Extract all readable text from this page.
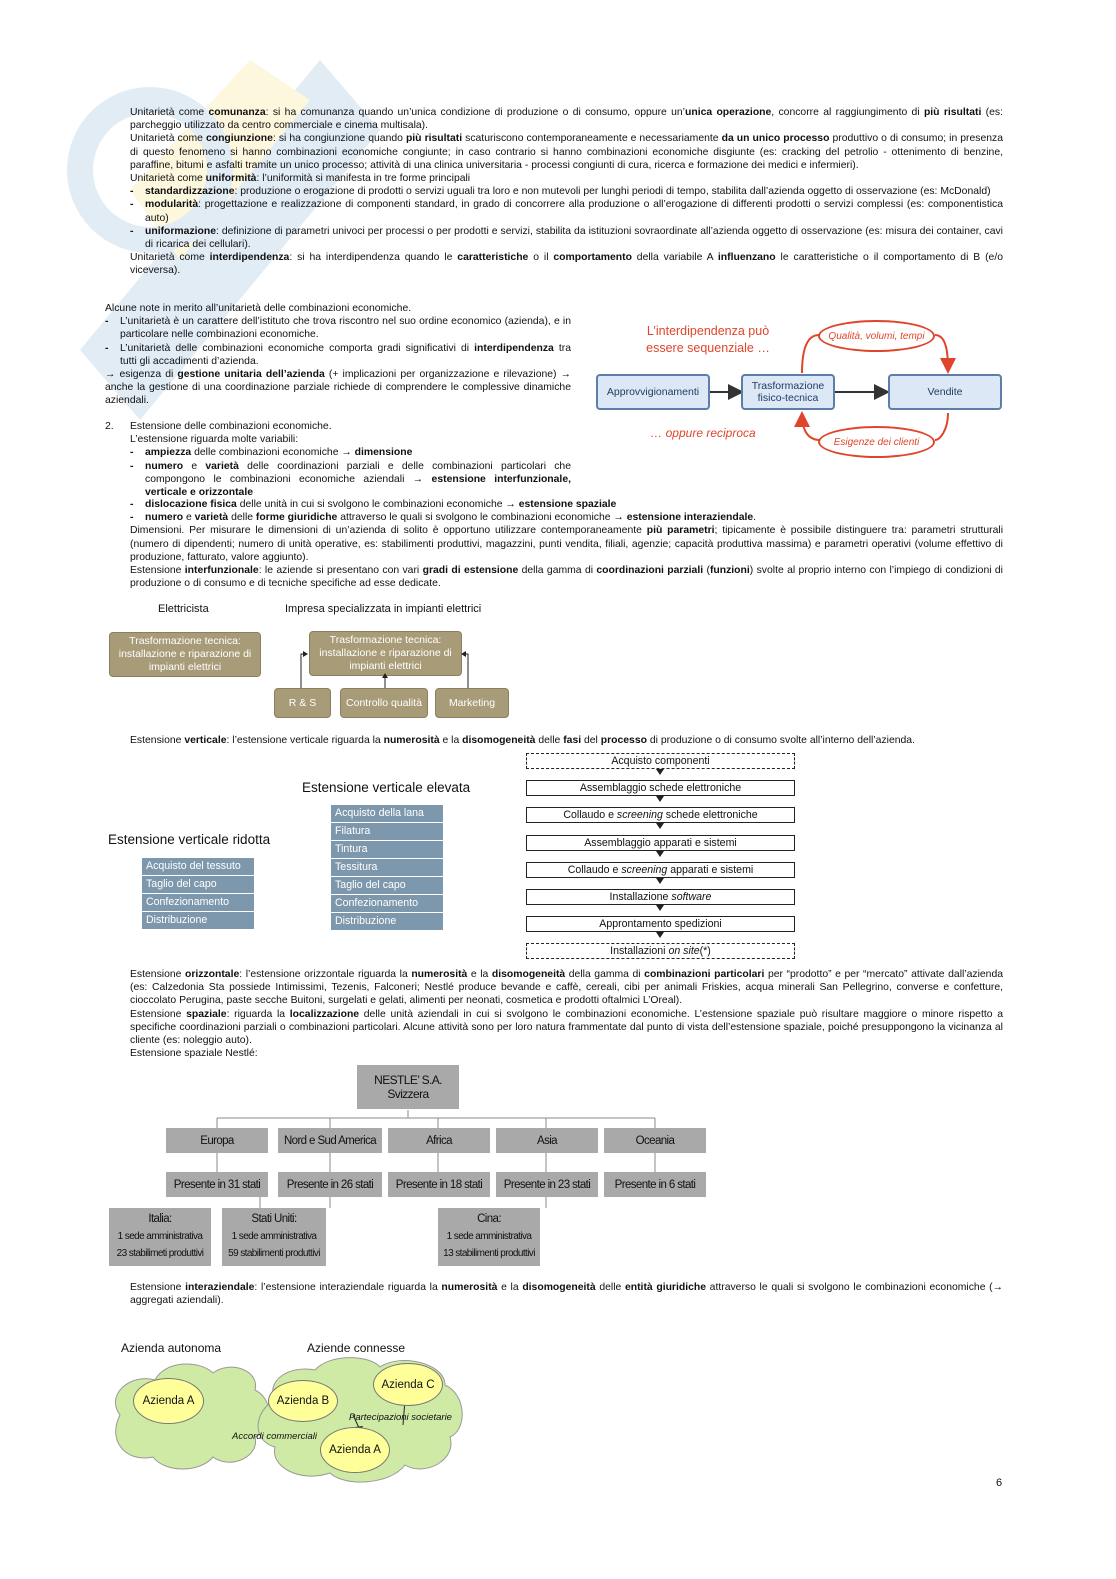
Unitarietà come comunanza: si ha comunanza quando un’unica condizione di produzione o di consumo, oppure un’unica operazione, concorre al raggiungimento di più risultati (es: parcheggio utilizzato da centro commerciale e cinema multisala).

Unitarietà come congiunzione: si ha congiunzione quando più risultati scaturiscono contemporaneamente e necessariamente da un unico processo produttivo o di consumo; in presenza di questo fenomeno si hanno combinazioni economiche congiunte; in caso contrario si hanno combinazioni economiche disgiunte (es: cracking del petrolio - ottenimento di benzine, paraffine, bitumi e asfalti tramite un unico processo; attività di una clinica universitaria - processi congiunti di cura, ricerca e formazione dei medici e infermieri).

Unitarietà come uniformità: l’uniformità si manifesta in tre forme principali

- standardizzazione: produzione o erogazione di prodotti o servizi uguali tra loro e non mutevoli per lunghi periodi di tempo, stabilita dall’azienda oggetto di osservazione (es: McDonald)
- modularità: progettazione e realizzazione di componenti standard, in grado di concorrere alla produzione o all’erogazione di differenti prodotti o servizi complessi (es: componentistica auto)
- uniformazione: definizione di parametri univoci per processi o per prodotti e servizi, stabilita da istituzioni sovraordinate all’azienda oggetto di osservazione (es: misura dei container, cavi di ricarica dei cellulari).

Unitarietà come interdipendenza: si ha interdipendenza quando le caratteristiche o il comportamento della variabile A influenzano le caratteristiche o il comportamento di B (e/o viceversa).

Alcune note in merito all’unitarietà delle combinazioni economiche.

- L’unitarietà è un carattere dell’istituto che trova riscontro nel suo ordine economico (azienda), e in particolare nelle combinazioni economiche.
- L’unitarietà delle combinazioni economiche comporta gradi significativi di interdipendenza tra tutti gli accadimenti d’azienda.

→ esigenza di gestione unitaria dell’azienda (+ implicazioni per organizzazione e rilevazione) → anche la gestione di una coordinazione parziale richiede di comprendere le complessive dinamiche aziendali.

L’interdipendenza può essere sequenziale …
… oppure reciproca
Approvvigionamenti	Trasformazione fisico-tecnica	Vendite
Qualità, volumi, tempi
Esigenze dei clienti

2. Estensione delle combinazioni economiche.

L’estensione riguarda molte variabili:

- ampiezza delle combinazioni economiche → dimensione
- numero e varietà delle coordinazioni parziali e delle combinazioni particolari che compongono le combinazioni economiche aziendali → estensione interfunzionale, verticale e orizzontale
- dislocazione fisica delle unità in cui si svolgono le combinazioni economiche → estensione spaziale
- numero e varietà delle forme giuridiche attraverso le quali si svolgono le combinazioni economiche → estensione interaziendale.

Dimensioni. Per misurare le dimensioni di un’azienda di solito è opportuno utilizzare contemporaneamente più parametri; tipicamente è possibile distinguere tra: parametri strutturali (numero di dipendenti; numero di unità operative, es: stabilimenti produttivi, magazzini, punti vendita, filiali, agenzie; capacità produttiva massima) e parametri operativi (volume effettivo di produzione, fatturato, valore aggiunto).

Estensione interfunzionale: le aziende si presentano con vari gradi di estensione della gamma di coordinazioni parziali (funzioni) svolte al proprio interno con l’impiego di condizioni di produzione o di consumo e di tecniche specifiche ad esse dedicate.

Elettricista	Impresa specializzata in impianti elettrici
Trasformazione tecnica: installazione e riparazione di impianti elettrici
Trasformazione tecnica: installazione e riparazione di impianti elettrici
R & S	Controllo qualità	Marketing

Estensione verticale: l’estensione verticale riguarda la numerosità e la disomogeneità delle fasi del processo di produzione o di consumo svolte all’interno dell’azienda.

Estensione verticale elevata
Estensione verticale ridotta
Acquisto del tessuto
Taglio del capo
Confezionamento
Distribuzione
Acquisto della lana
Filatura
Tintura
Tessitura
Taglio del capo
Confezionamento
Distribuzione
Acquisto componenti
Assemblaggio schede elettroniche
Collaudo e screening schede elettroniche
Assemblaggio apparati e sistemi
Collaudo e screening apparati e sistemi
Installazione software
Approntamento spedizioni
Installazioni on site(*)

Estensione orizzontale: l’estensione orizzontale riguarda la numerosità e la disomogeneità della gamma di combinazioni particolari per “prodotto” e per “mercato” attivate dall’azienda (es: Calzedonia Sta possiede Intimissimi, Tezenis, Falconeri; Nestlé produce bevande e caffè, cereali, cibi per animali Friskies, acqua minerali San Pellegrino, converse e confetture, cioccolato Perugina, paste secche Buitoni, surgelati e gelati, alimenti per neonati, cosmetica e prodotti oftalmici L’Oreal).

Estensione spaziale: riguarda la localizzazione delle unità aziendali in cui si svolgono le combinazioni economiche. L’estensione spaziale può risultare maggiore o minore rispetto a specifiche coordinazioni parziali o combinazioni particolari. Alcune attività sono per loro natura frammentate dal punto di vista dell’estensione spaziale, poiché presuppongono la vicinanza al cliente (es: noleggio auto).

Estensione spaziale Nestlé:

NESTLE’ S.A.
Svizzera
Europa	Nord e Sud America	Africa	Asia	Oceania
Presente in 31 stati	Presente in 26 stati	Presente in 18 stati	Presente in 23 stati	Presente in 6 stati
Italia:
1 sede amministrativa
23 stabilimeti produttivi
Stati Uniti:
1 sede amministrativa
59 stabilimenti produttivi
Cina:
1 sede amministrativa
13 stabilimenti produttivi

Estensione interaziendale: l’estensione interaziendale riguarda la numerosità e la disomogeneità delle entità giuridiche attraverso le quali si svolgono le combinazioni economiche (→ aggregati aziendali).

Azienda autonoma	Aziende connesse
Azienda A	Azienda B
Azienda C
Azienda A
Partecipazioni societarie
Accordi commerciali
6
